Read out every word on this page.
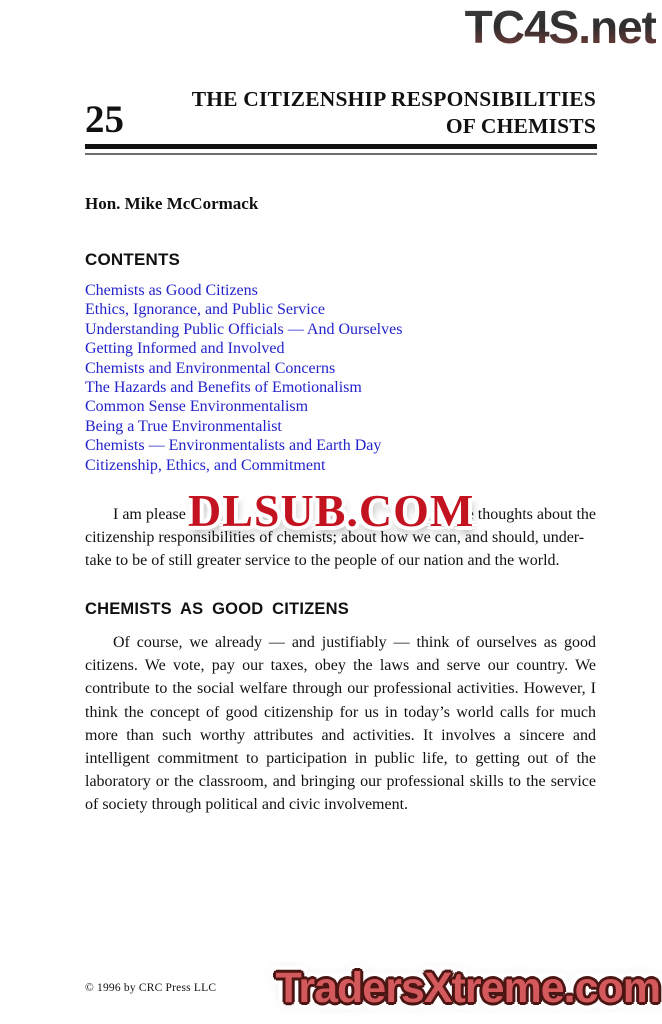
TC4S.net
25	THE CITIZENSHIP RESPONSIBILITIES
OF CHEMISTS
Hon. Mike McCormack
CONTENTS
Chemists as Good Citizens
Ethics, Ignorance, and Public Service
Understanding Public Officials — And Ourselves
Getting Informed and Involved
Chemists and Environmental Concerns
The Hazards and Benefits of Emotionalism
Common Sense Environmentalism
Being a True Environmentalist
Chemists — Environmentalists and Earth Day
Citizenship, Ethics, and Commitment
I am please	e thoughts about the
citizenship responsibilities of chemists; about how we can, and should, under-
take to be of still greater service to the people of our nation and the world.
DLSUB.COM
CHEMISTS AS GOOD CITIZENS
Of course, we already — and justifiably — think of ourselves as good citizens. We vote, pay our taxes, obey the laws and serve our country. We contribute to the social welfare through our professional activities. However, I think the concept of good citizenship for us in today’s world calls for much more than such worthy attributes and activities. It involves a sincere and intelligent commitment to participation in public life, to getting out of the laboratory or the classroom, and bringing our professional skills to the service of society through political and civic involvement.
© 1996 by CRC Press LLC TradersXtreme.com
